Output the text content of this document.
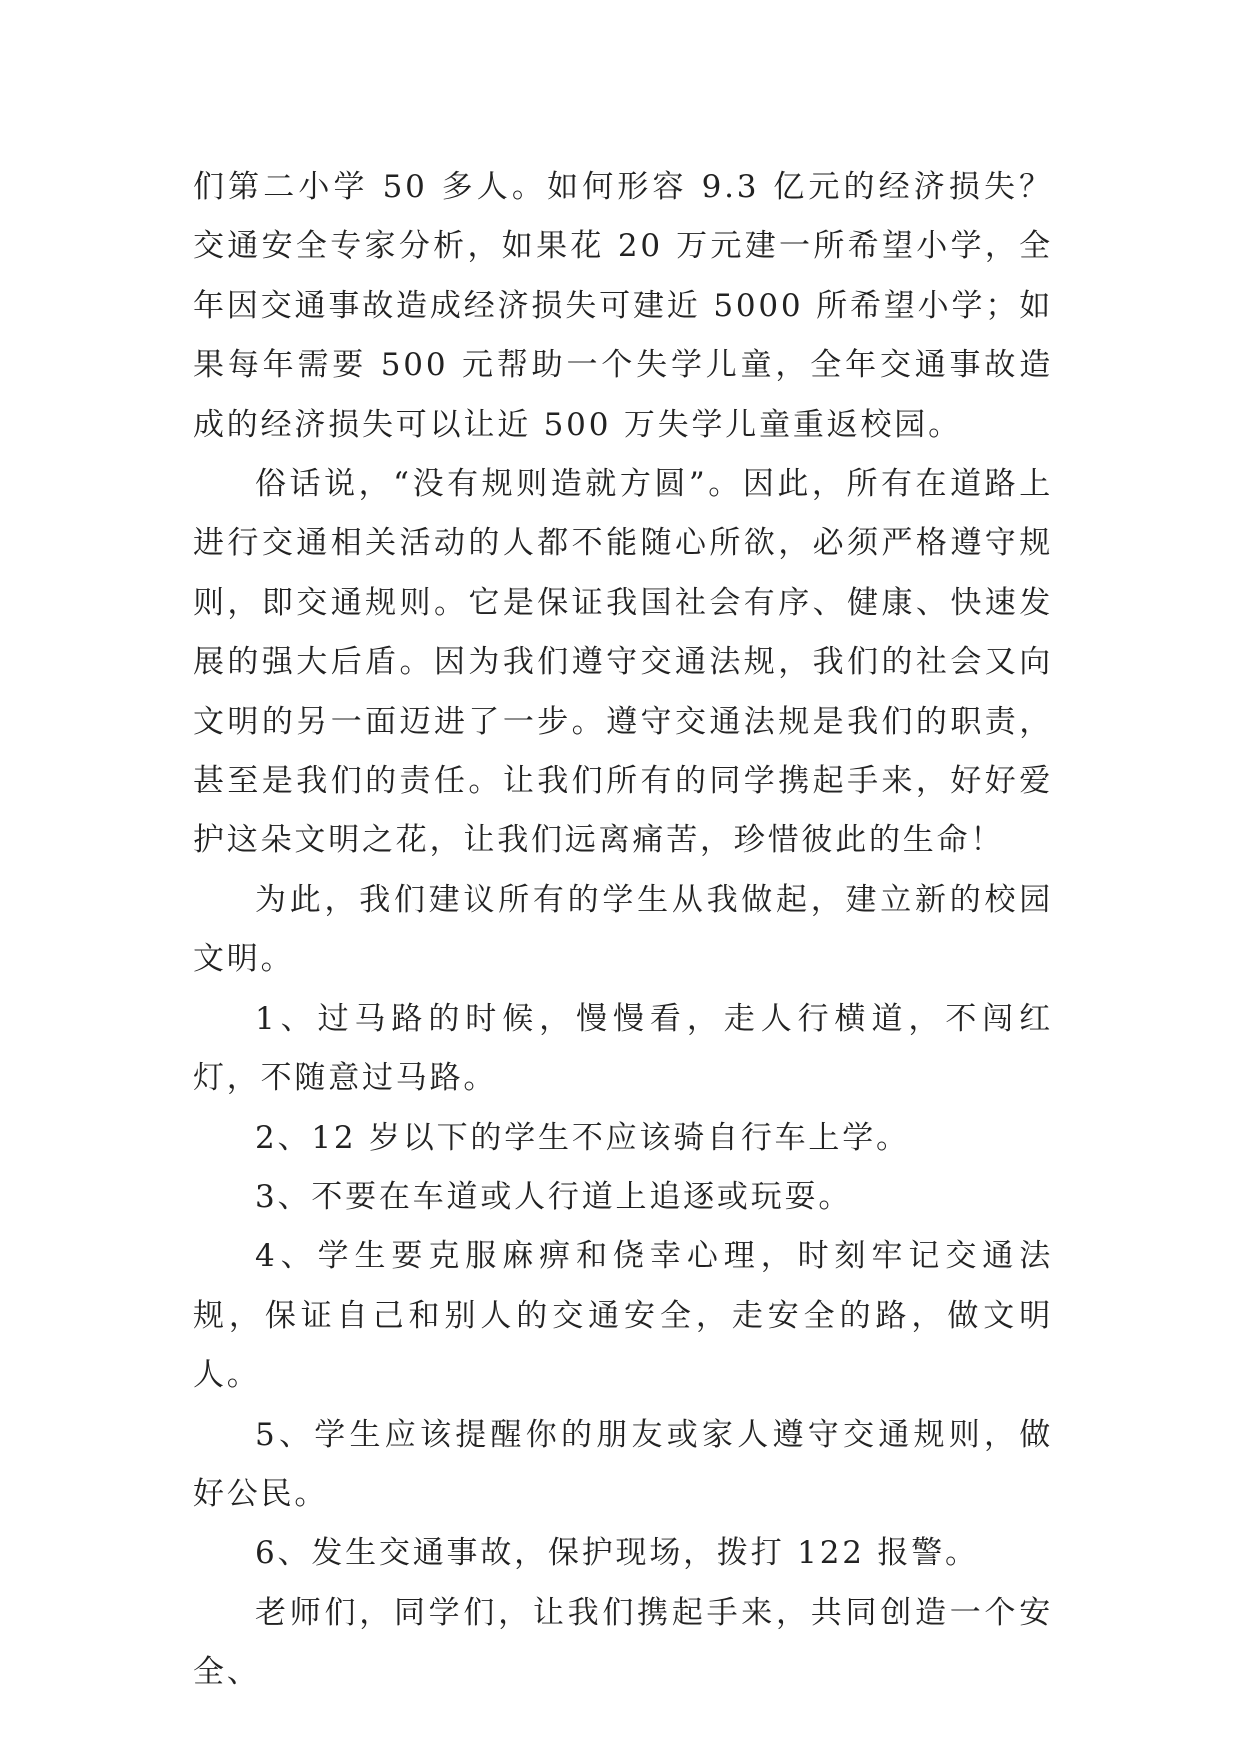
们第二小学 50 多人。如何形容 9.3 亿元的经济损失？交通安全专家分析，如果花 20 万元建一所希望小学，全年因交通事故造成经济损失可建近 5000 所希望小学；如果每年需要 500 元帮助一个失学儿童，全年交通事故造成的经济损失可以让近 500 万失学儿童重返校园。

俗话说，“没有规则造就方圆”。因此，所有在道路上进行交通相关活动的人都不能随心所欲，必须严格遵守规则，即交通规则。它是保证我国社会有序、健康、快速发展的强大后盾。因为我们遵守交通法规，我们的社会又向文明的另一面迈进了一步。遵守交通法规是我们的职责，甚至是我们的责任。让我们所有的同学携起手来，好好爱护这朵文明之花，让我们远离痛苦，珍惜彼此的生命！

为此，我们建议所有的学生从我做起，建立新的校园文明。

1、过马路的时候，慢慢看，走人行横道，不闯红灯，不随意过马路。

2、12 岁以下的学生不应该骑自行车上学。

3、不要在车道或人行道上追逐或玩耍。

4、学生要克服麻痹和侥幸心理，时刻牢记交通法规，保证自己和别人的交通安全，走安全的路，做文明人。

5、学生应该提醒你的朋友或家人遵守交通规则，做好公民。

6、发生交通事故，保护现场，拨打 122 报警。

老师们，同学们，让我们携起手来，共同创造一个安全、
